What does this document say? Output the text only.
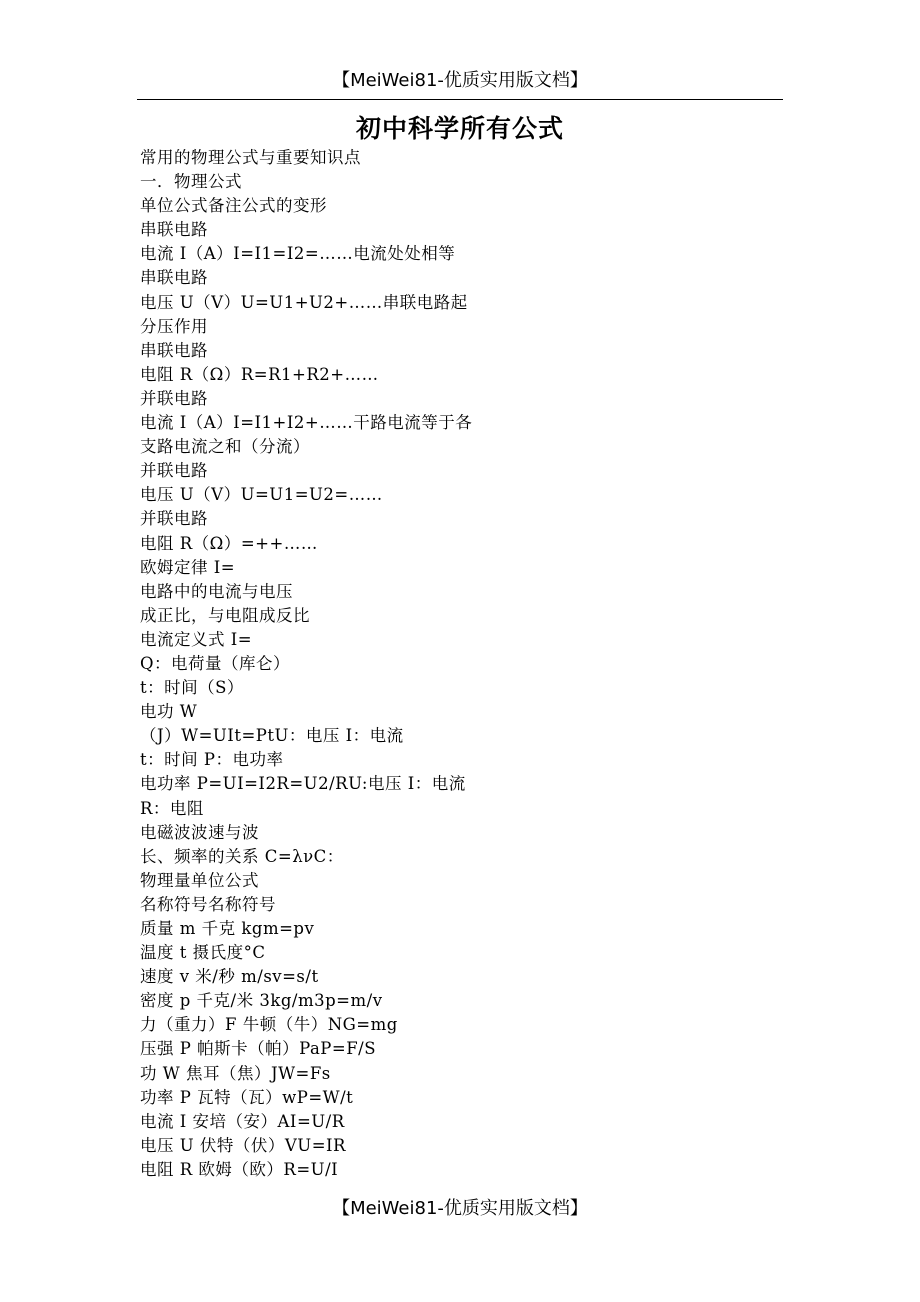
【MeiWei81-优质实用版文档】
初中科学所有公式
常用的物理公式与重要知识点
一．物理公式
单位公式备注公式的变形
串联电路
电流 I（A）I=I1=I2=……电流处处相等
串联电路
电压 U（V）U=U1+U2+……串联电路起
分压作用
串联电路
电阻 R（Ω）R=R1+R2+……
并联电路
电流 I（A）I=I1+I2+……干路电流等于各
支路电流之和（分流）
并联电路
电压 U（V）U=U1=U2=……
并联电路
电阻 R（Ω）=++……
欧姆定律 I=
电路中的电流与电压
成正比，与电阻成反比
电流定义式 I=
Q：电荷量（库仑）
t：时间（S）
电功 W
（J）W=UIt=PtU：电压 I：电流
t：时间 P：电功率
电功率 P=UI=I2R=U2/RU:电压 I：电流
R：电阻
电磁波波速与波
长、频率的关系 C=λνC：
物理量单位公式
名称符号名称符号
质量 m 千克 kgm=pv
温度 t 摄氏度°C
速度 v 米/秒 m/sv=s/t
密度 p 千克/米 3kg/m3p=m/v
力（重力）F 牛顿（牛）NG=mg
压强 P 帕斯卡（帕）PaP=F/S
功 W 焦耳（焦）JW=Fs
功率 P 瓦特（瓦）wP=W/t
电流 I 安培（安）AI=U/R
电压 U 伏特（伏）VU=IR
电阻 R 欧姆（欧）R=U/I
【MeiWei81-优质实用版文档】
